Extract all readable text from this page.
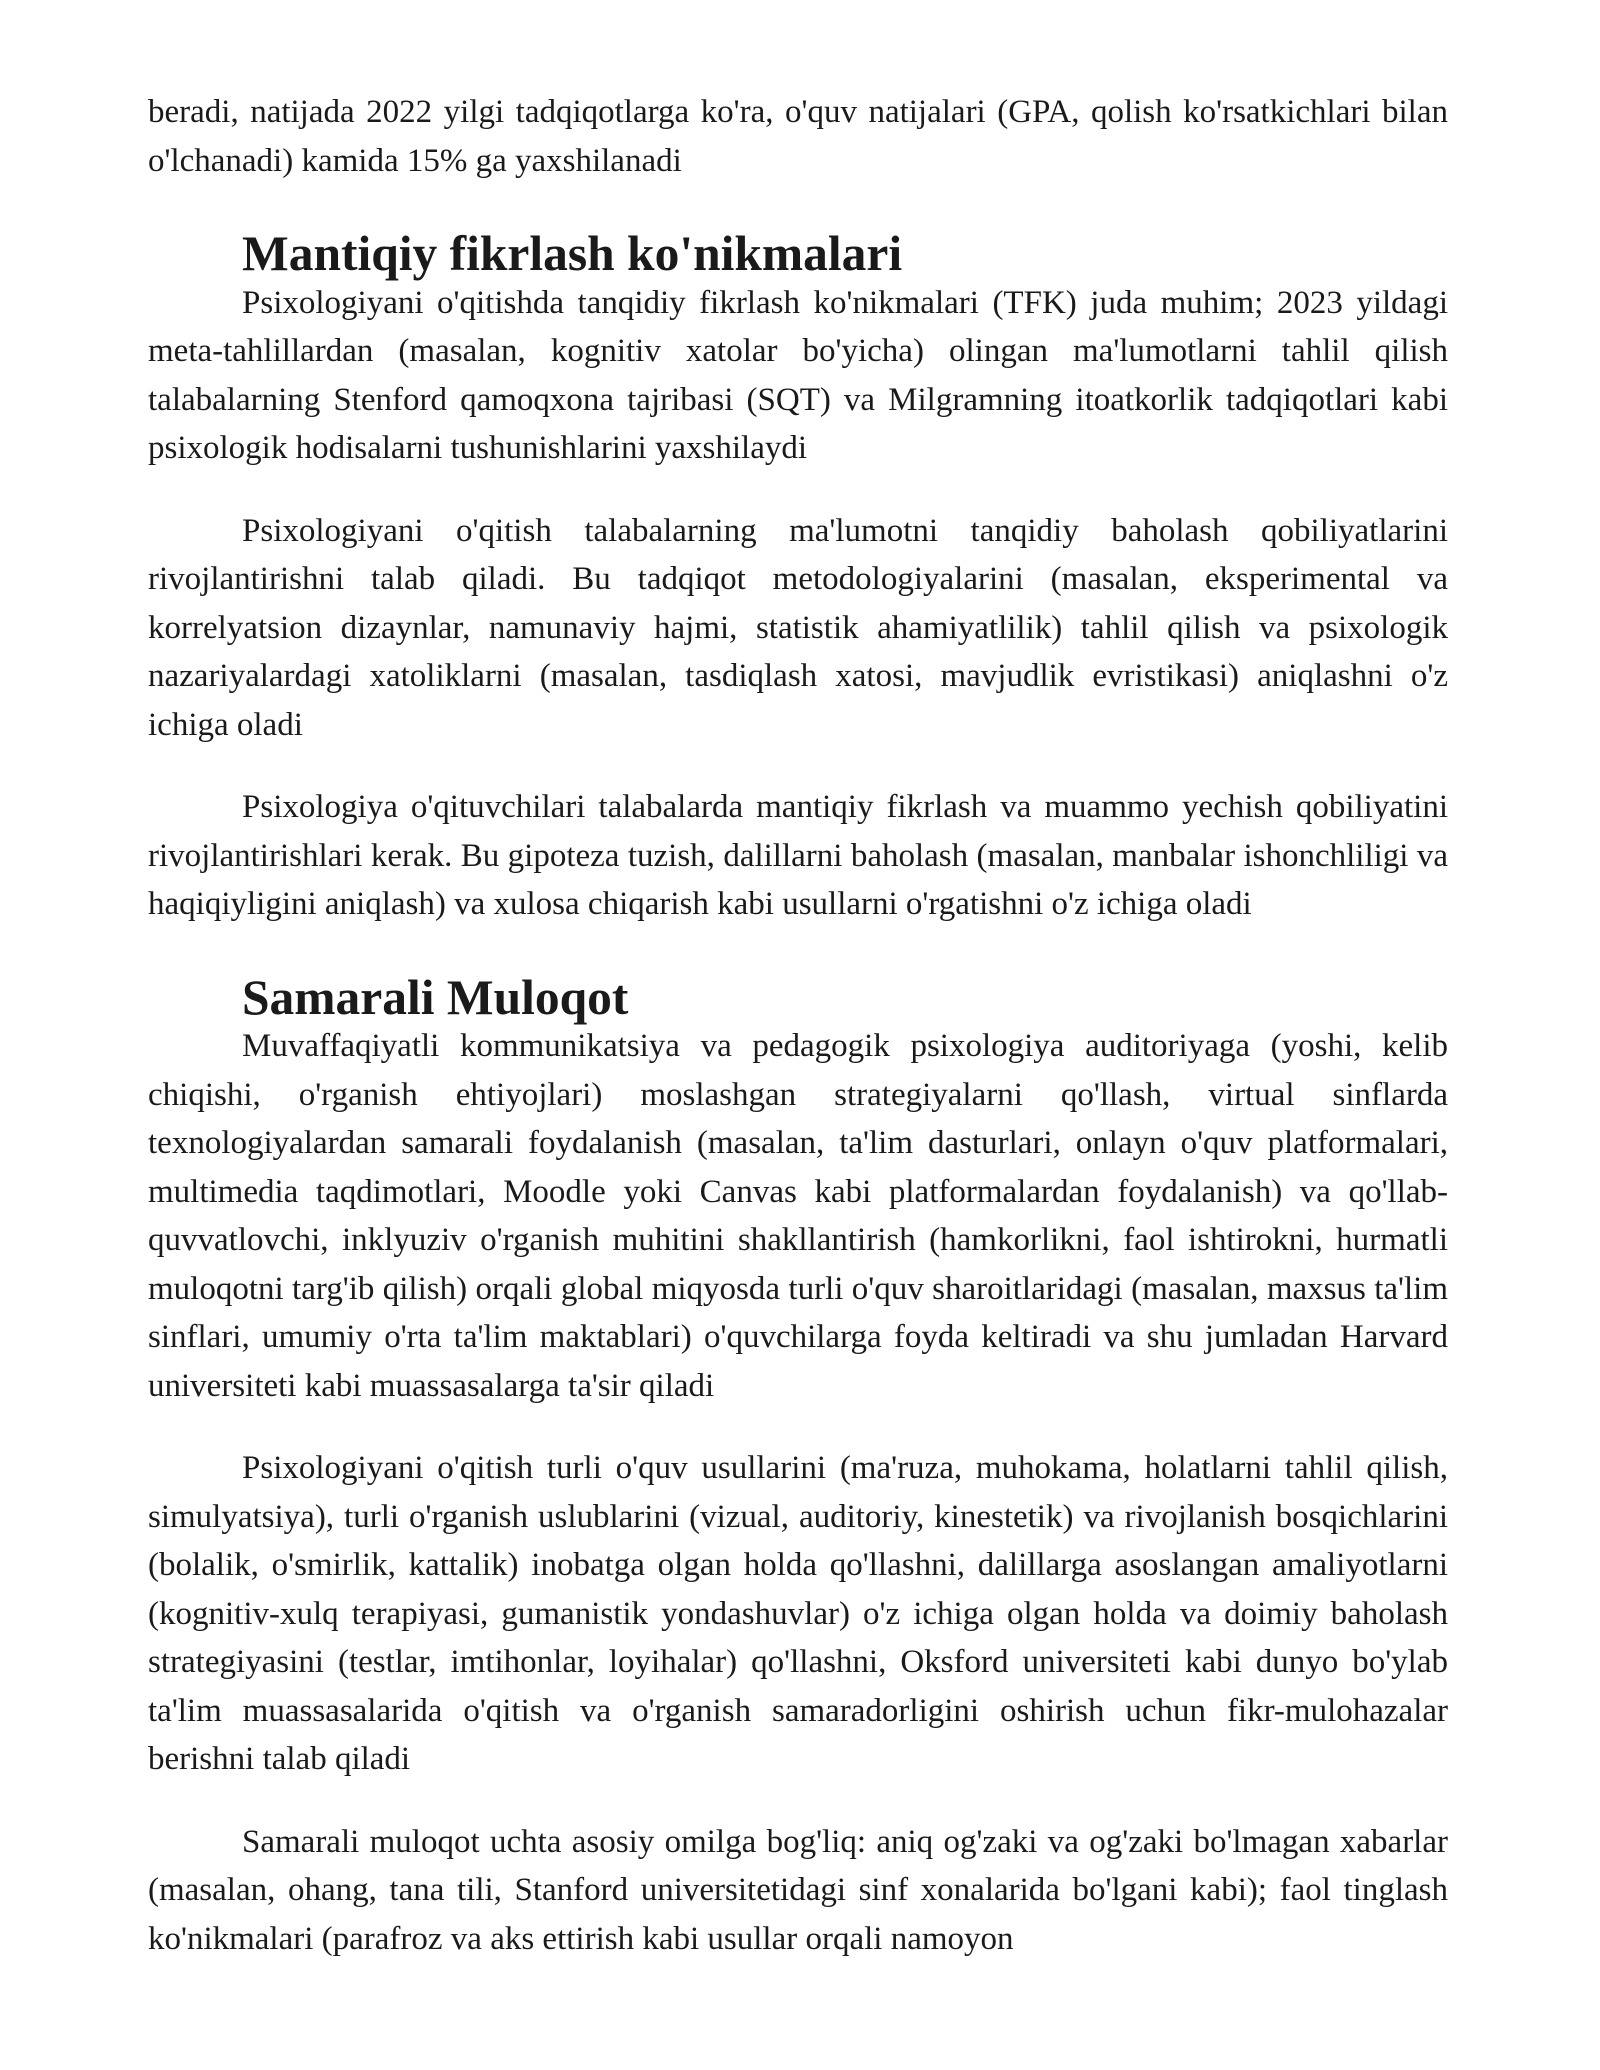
beradi, natijada 2022 yilgi tadqiqotlarga ko'ra, o'quv natijalari (GPA, qolish ko'rsatkichlari bilan o'lchanadi) kamida 15% ga yaxshilanadi

Mantiqiy fikrlash ko'nikmalari

Psixologiyani o'qitishda tanqidiy fikrlash ko'nikmalari (TFK) juda muhim; 2023 yildagi meta-tahlillardan (masalan, kognitiv xatolar bo'yicha) olingan ma'lumotlarni tahlil qilish talabalarning Stenford qamoqxona tajribasi (SQT) va Milgramning itoatkorlik tadqiqotlari kabi psixologik hodisalarni tushunishlarini yaxshilaydi

Psixologiyani o'qitish talabalarning ma'lumotni tanqidiy baholash qobiliyatlarini rivojlantirishni talab qiladi. Bu tadqiqot metodologiyalarini (masalan, eksperimental va korrelyatsion dizaynlar, namunaviy hajmi, statistik ahamiyatlilik) tahlil qilish va psixologik nazariyalardagi xatoliklarni (masalan, tasdiqlash xatosi, mavjudlik evristikasi) aniqlashni o'z ichiga oladi

Psixologiya o'qituvchilari talabalarda mantiqiy fikrlash va muammo yechish qobiliyatini rivojlantirishlari kerak. Bu gipoteza tuzish, dalillarni baholash (masalan, manbalar ishonchliligi va haqiqiyligini aniqlash) va xulosa chiqarish kabi usullarni o'rgatishni o'z ichiga oladi

Samarali Muloqot

Muvaffaqiyatli kommunikatsiya va pedagogik psixologiya auditoriyaga (yoshi, kelib chiqishi, o'rganish ehtiyojlari) moslashgan strategiyalarni qo'llash, virtual sinflarda texnologiyalardan samarali foydalanish (masalan, ta'lim dasturlari, onlayn o'quv platformalari, multimedia taqdimotlari, Moodle yoki Canvas kabi platformalardan foydalanish) va qo'llab-quvvatlovchi, inklyuziv o'rganish muhitini shakllantirish (hamkorlikni, faol ishtirokni, hurmatli muloqotni targ'ib qilish) orqali global miqyosda turli o'quv sharoitlaridagi (masalan, maxsus ta'lim sinflari, umumiy o'rta ta'lim maktablari) o'quvchilarga foyda keltiradi va shu jumladan Harvard universiteti kabi muassasalarga ta'sir qiladi

Psixologiyani o'qitish turli o'quv usullarini (ma'ruza, muhokama, holatlarni tahlil qilish, simulyatsiya), turli o'rganish uslublarini (vizual, auditoriy, kinestetik) va rivojlanish bosqichlarini (bolalik, o'smirlik, kattalik) inobatga olgan holda qo'llashni, dalillarga asoslangan amaliyotlarni (kognitiv-xulq terapiyasi, gumanistik yondashuvlar) o'z ichiga olgan holda va doimiy baholash strategiyasini (testlar, imtihonlar, loyihalar) qo'llashni, Oksford universiteti kabi dunyo bo'ylab ta'lim muassasalarida o'qitish va o'rganish samaradorligini oshirish uchun fikr-mulohazalar berishni talab qiladi

Samarali muloqot uchta asosiy omilga bog'liq: aniq og'zaki va og'zaki bo'lmagan xabarlar (masalan, ohang, tana tili, Stanford universitetidagi sinf xonalarida bo'lgani kabi); faol tinglash ko'nikmalari (parafroz va aks ettirish kabi usullar orqali namoyon
